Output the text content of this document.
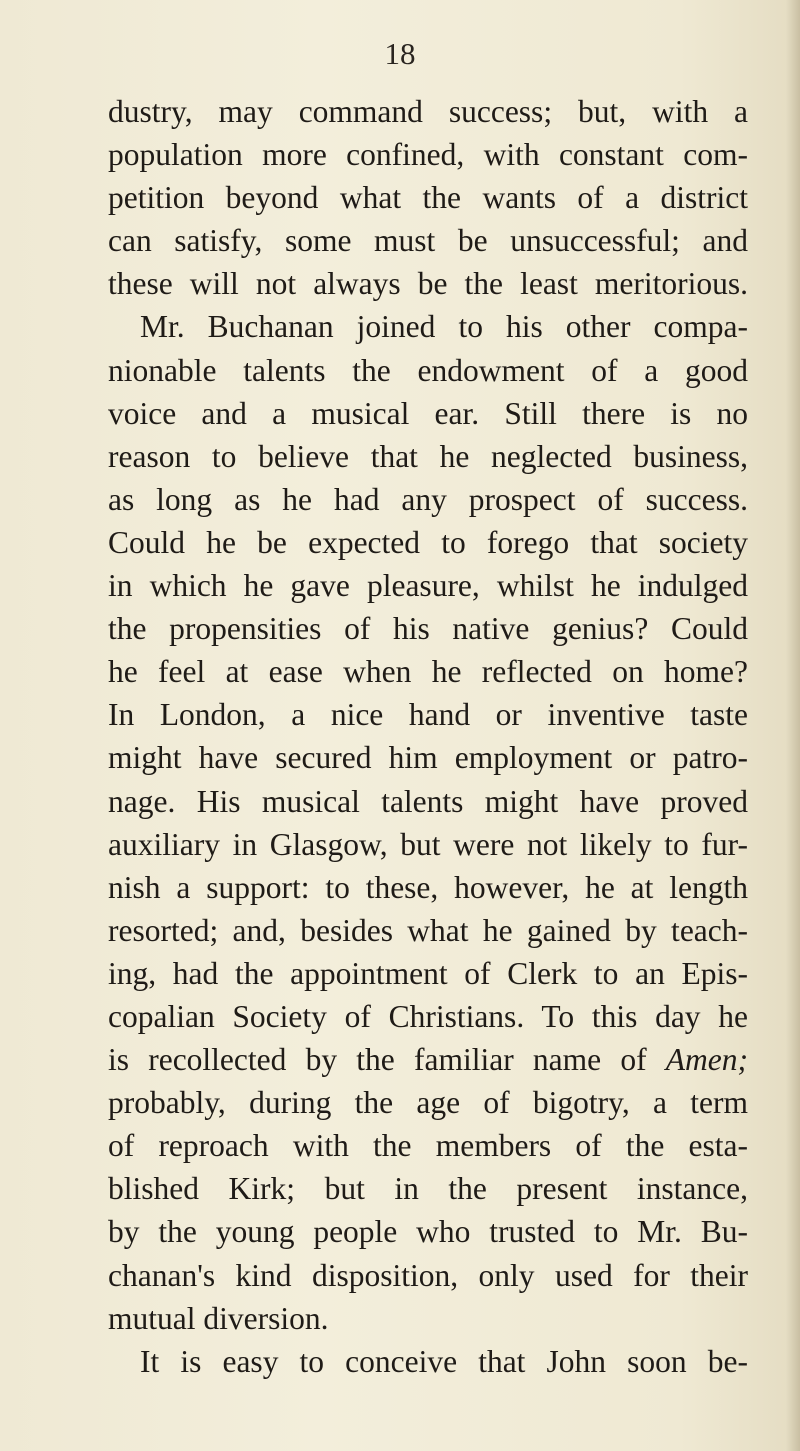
18
dustry, may command success; but, with a
population more confined, with constant com-
petition beyond what the wants of a district
can satisfy, some must be unsuccessful; and
these will not always be the least meritorious.
Mr. Buchanan joined to his other compa-
nionable talents the endowment of a good
voice and a musical ear. Still there is no
reason to believe that he neglected business,
as long as he had any prospect of success.
Could he be expected to forego that society
in which he gave pleasure, whilst he indulged
the propensities of his native genius? Could
he feel at ease when he reflected on home?
In London, a nice hand or inventive taste
might have secured him employment or patro-
nage. His musical talents might have proved
auxiliary in Glasgow, but were not likely to fur-
nish a support: to these, however, he at length
resorted; and, besides what he gained by teach-
ing, had the appointment of Clerk to an Epis-
copalian Society of Christians. To this day he
is recollected by the familiar name of Amen;
probably, during the age of bigotry, a term
of reproach with the members of the esta-
blished Kirk; but in the present instance,
by the young people who trusted to Mr. Bu-
chanan's kind disposition, only used for their
mutual diversion.
It is easy to conceive that John soon be-
